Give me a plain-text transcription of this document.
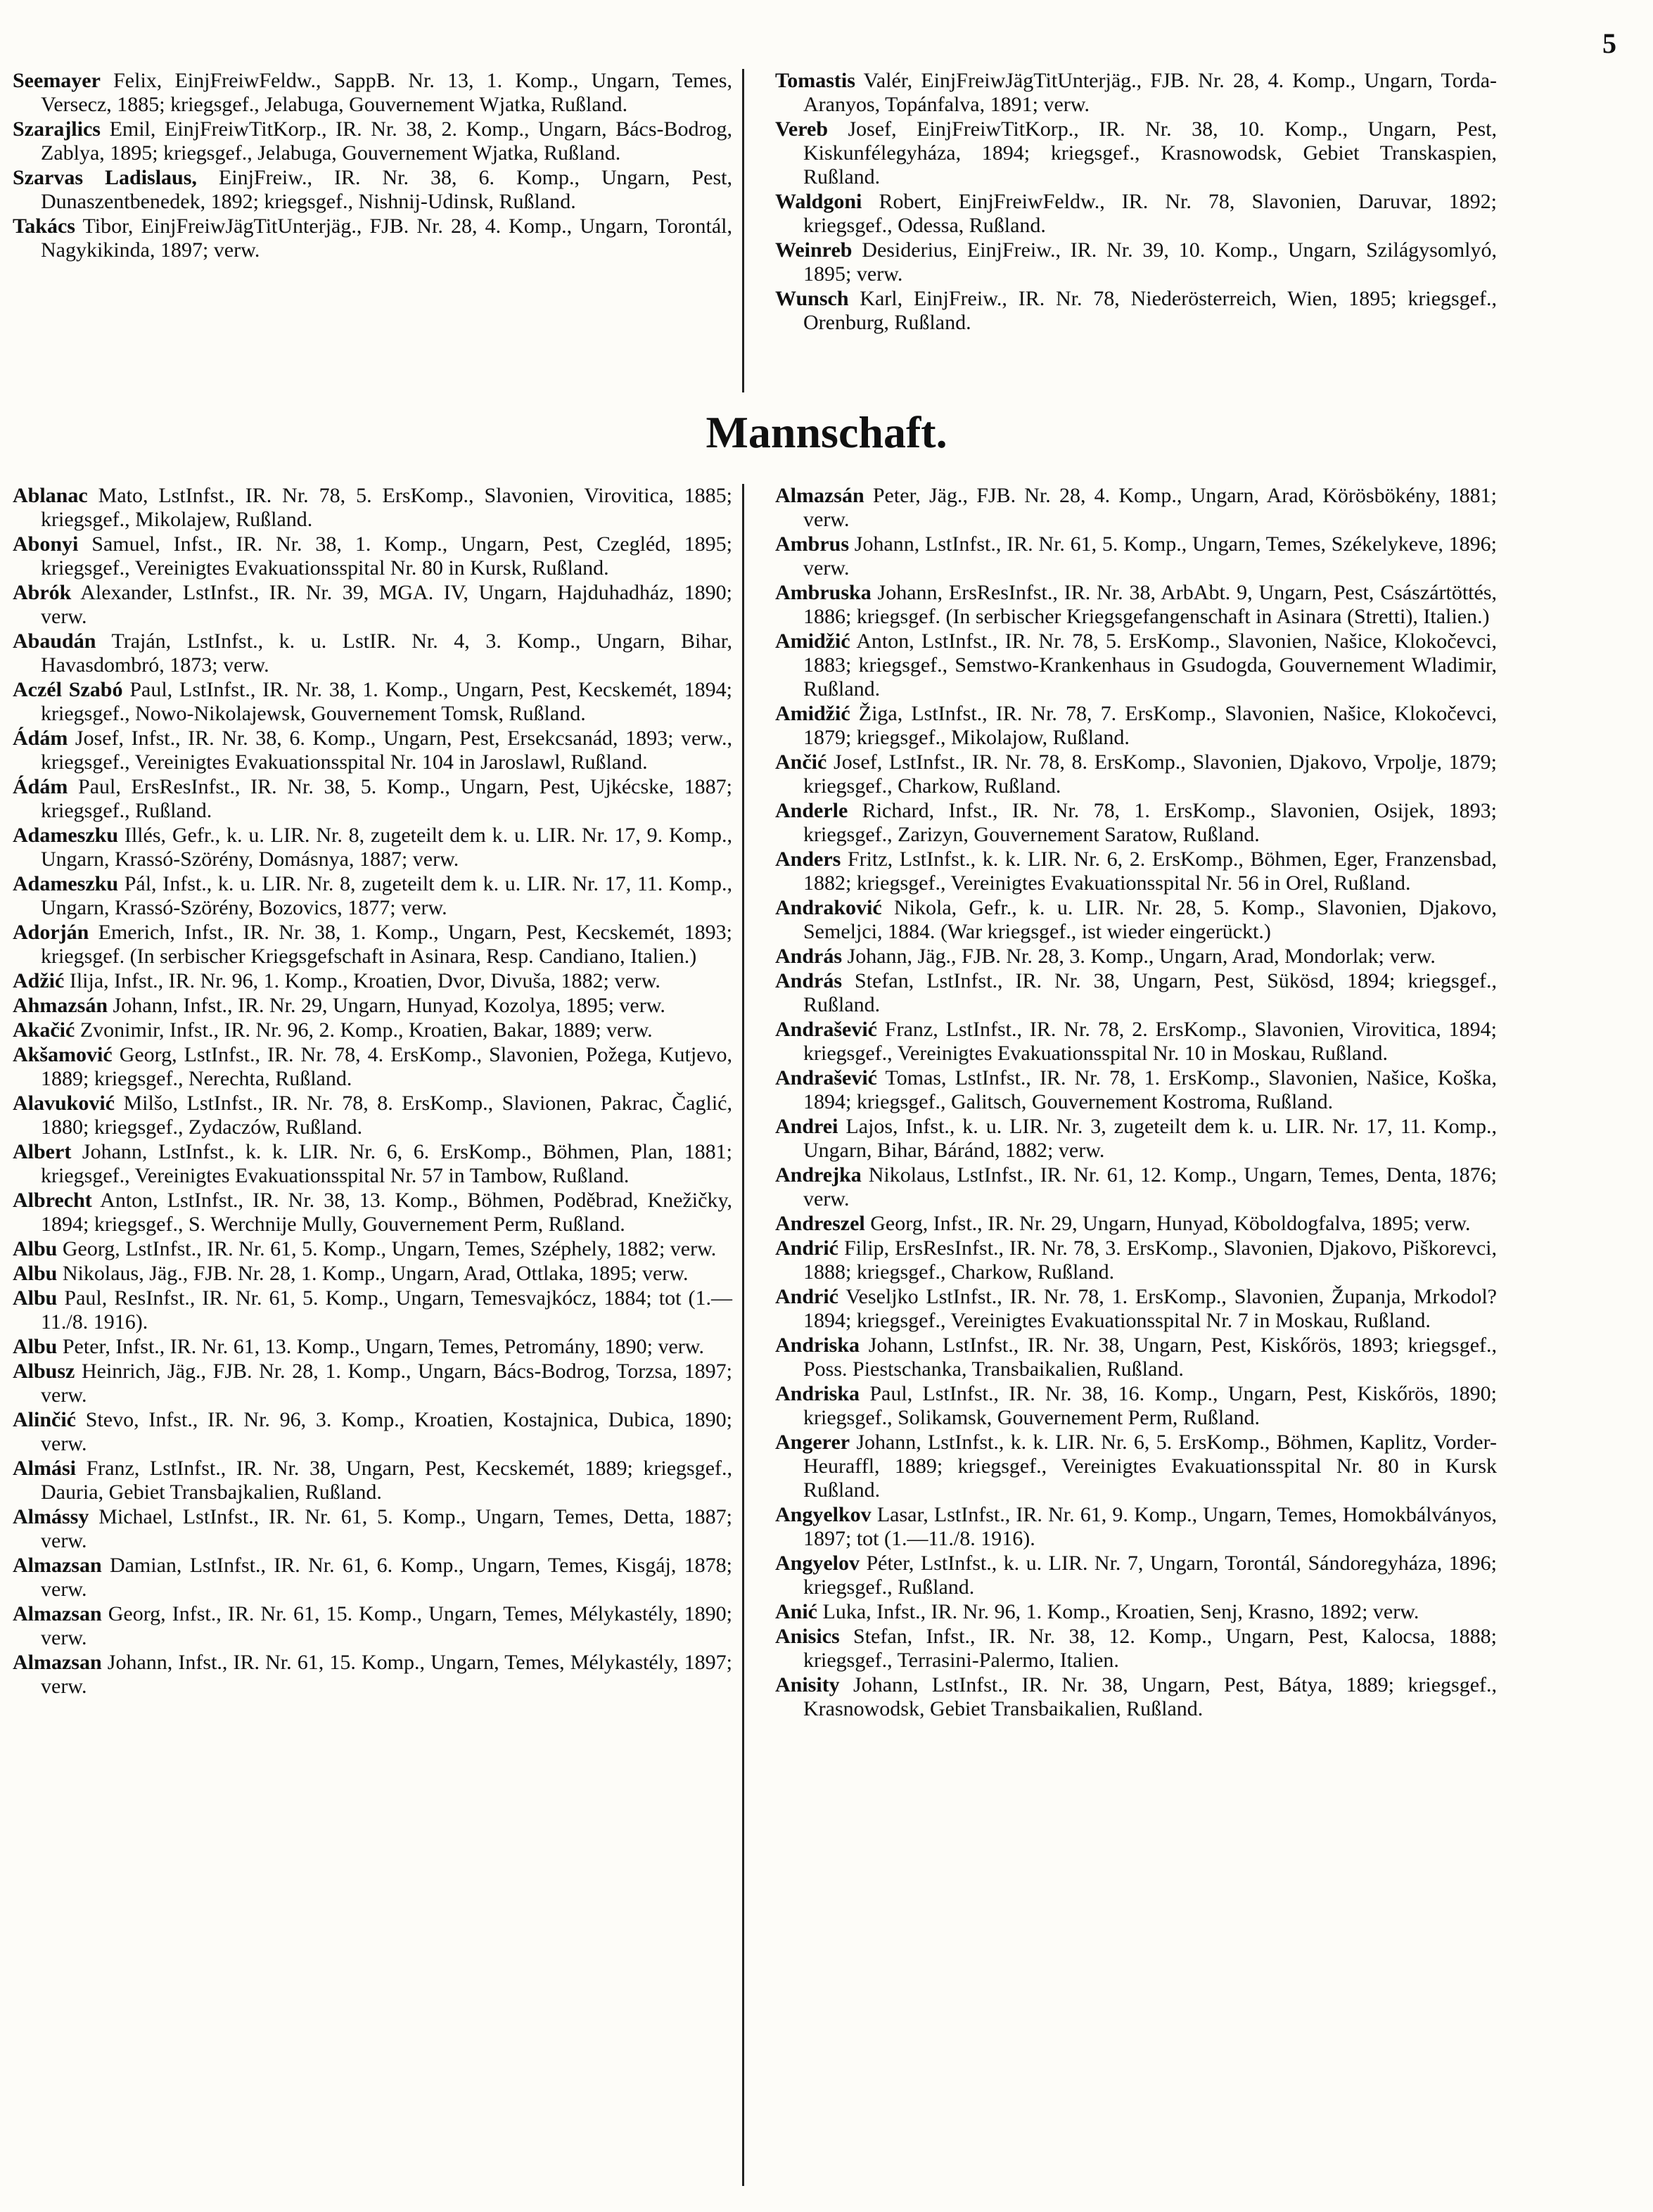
5
Seemayer Felix, EinjFreiwFeldw., SappB. Nr. 13, 1. Komp., Ungarn, Temes, Versecz, 1885; kriegsgef., Jelabuga, Gouvernement Wjatka, Rußland.
Szarajlics Emil, EinjFreiwTitKorp., IR. Nr. 38, 2. Komp., Ungarn, Bács-Bodrog, Zablya, 1895; kriegsgef., Jelabuga, Gouvernement Wjatka, Rußland.
Szarvas Ladislaus, EinjFreiw., IR. Nr. 38, 6. Komp., Ungarn, Pest, Dunaszentbenedek, 1892; kriegsgef., Nishnij-Udinsk, Rußland.
Takács Tibor, EinjFreiwJägTitUnterjäg., FJB. Nr. 28, 4. Komp., Ungarn, Torontál, Nagykikinda, 1897; verw.
Tomastis Valér, EinjFreiwJägTitUnterjäg., FJB. Nr. 28, 4. Komp., Ungarn, Torda-Aranyos, Topánfalva, 1891; verw.
Vereb Josef, EinjFreiwTitKorp., IR. Nr. 38, 10. Komp., Ungarn, Pest, Kiskunfélegyháza, 1894; kriegsgef., Krasnowodsk, Gebiet Transkaspien, Rußland.
Waldgoni Robert, EinjFreiwFeldw., IR. Nr. 78, Slavonien, Daruvar, 1892; kriegsgef., Odessa, Rußland.
Weinreb Desiderius, EinjFreiw., IR. Nr. 39, 10. Komp., Ungarn, Szilágysomlyó, 1895; verw.
Wunsch Karl, EinjFreiw., IR. Nr. 78, Niederösterreich, Wien, 1895; kriegsgef., Orenburg, Rußland.
Mannschaft.
Ablanac Mato, LstInfst., IR. Nr. 78, 5. ErsKomp., Slavonien, Virovitica, 1885; kriegsgef., Mikolajew, Rußland.
Abonyi Samuel, Infst., IR. Nr. 38, 1. Komp., Ungarn, Pest, Czegléd, 1895; kriegsgef., Vereinigtes Evakuationsspital Nr. 80 in Kursk, Rußland.
Abrók Alexander, LstInfst., IR. Nr. 39, MGA. IV, Ungarn, Hajduhadház, 1890; verw.
Abaudán Traján, LstInfst., k. u. LstIR. Nr. 4, 3. Komp., Ungarn, Bihar, Havasdombró, 1873; verw.
Aczél Szabó Paul, LstInfst., IR. Nr. 38, 1. Komp., Ungarn, Pest, Kecskemét, 1894; kriegsgef., Nowo-Nikolajewsk, Gouvernement Tomsk, Rußland.
Ádám Josef, Infst., IR. Nr. 38, 6. Komp., Ungarn, Pest, Ersekcsanád, 1893; verw., kriegsgef., Vereinigtes Evakuationsspital Nr. 104 in Jaroslawl, Rußland.
Ádám Paul, ErsResInfst., IR. Nr. 38, 5. Komp., Ungarn, Pest, Ujkécske, 1887; kriegsgef., Rußland.
Adameszku Illés, Gefr., k. u. LIR. Nr. 8, zugeteilt dem k. u. LIR. Nr. 17, 9. Komp., Ungarn, Krassó-Szörény, Domásnya, 1887; verw.
Adameszku Pál, Infst., k. u. LIR. Nr. 8, zugeteilt dem k. u. LIR. Nr. 17, 11. Komp., Ungarn, Krassó-Szörény, Bozovics, 1877; verw.
Adorján Emerich, Infst., IR. Nr. 38, 1. Komp., Ungarn, Pest, Kecskemét, 1893; kriegsgef. (In serbischer Kriegsgefschaft in Asinara, Resp. Candiano, Italien.)
Adžić Ilija, Infst., IR. Nr. 96, 1. Komp., Kroatien, Dvor, Divuša, 1882; verw.
Ahmazsán Johann, Infst., IR. Nr. 29, Ungarn, Hunyad, Kozolya, 1895; verw.
Akačić Zvonimir, Infst., IR. Nr. 96, 2. Komp., Kroatien, Bakar, 1889; verw.
Akšamović Georg, LstInfst., IR. Nr. 78, 4. ErsKomp., Slavonien, Požega, Kutjevo, 1889; kriegsgef., Nerechta, Rußland.
Alavuković Milšo, LstInfst., IR. Nr. 78, 8. ErsKomp., Slavionen, Pakrac, Čaglić, 1880; kriegsgef., Zydaczów, Rußland.
Albert Johann, LstInfst., k. k. LIR. Nr. 6, 6. ErsKomp., Böhmen, Plan, 1881; kriegsgef., Vereinigtes Evakuationsspital Nr. 57 in Tambow, Rußland.
Albrecht Anton, LstInfst., IR. Nr. 38, 13. Komp., Böhmen, Poděbrad, Knežičky, 1894; kriegsgef., S. Werchnije Mully, Gouvernement Perm, Rußland.
Albu Georg, LstInfst., IR. Nr. 61, 5. Komp., Ungarn, Temes, Széphely, 1882; verw.
Albu Nikolaus, Jäg., FJB. Nr. 28, 1. Komp., Ungarn, Arad, Ottlaka, 1895; verw.
Albu Paul, ResInfst., IR. Nr. 61, 5. Komp., Ungarn, Temesvajkócz, 1884; tot (1.—11./8. 1916).
Albu Peter, Infst., IR. Nr. 61, 13. Komp., Ungarn, Temes, Petromány, 1890; verw.
Albusz Heinrich, Jäg., FJB. Nr. 28, 1. Komp., Ungarn, Bács-Bodrog, Torzsa, 1897; verw.
Alinčić Stevo, Infst., IR. Nr. 96, 3. Komp., Kroatien, Kostajnica, Dubica, 1890; verw.
Almási Franz, LstInfst., IR. Nr. 38, Ungarn, Pest, Kecskemét, 1889; kriegsgef., Dauria, Gebiet Transbajkalien, Rußland.
Almássy Michael, LstInfst., IR. Nr. 61, 5. Komp., Ungarn, Temes, Detta, 1887; verw.
Almazsan Damian, LstInfst., IR. Nr. 61, 6. Komp., Ungarn, Temes, Kisgáj, 1878; verw.
Almazsan Georg, Infst., IR. Nr. 61, 15. Komp., Ungarn, Temes, Mélykastély, 1890; verw.
Almazsan Johann, Infst., IR. Nr. 61, 15. Komp., Ungarn, Temes, Mélykastély, 1897; verw.
Almazsán Peter, Jäg., FJB. Nr. 28, 4. Komp., Ungarn, Arad, Körösbökény, 1881; verw.
Ambrus Johann, LstInfst., IR. Nr. 61, 5. Komp., Ungarn, Temes, Székelykeve, 1896; verw.
Ambruska Johann, ErsResInfst., IR. Nr. 38, ArbAbt. 9, Ungarn, Pest, Császártöttés, 1886; kriegsgef. (In serbischer Kriegsgefangenschaft in Asinara (Stretti), Italien.)
Amidžić Anton, LstInfst., IR. Nr. 78, 5. ErsKomp., Slavonien, Našice, Klokočevci, 1883; kriegsgef., Semstwo-Krankenhaus in Gsudogda, Gouvernement Wladimir, Rußland.
Amidžić Žiga, LstInfst., IR. Nr. 78, 7. ErsKomp., Slavonien, Našice, Klokočevci, 1879; kriegsgef., Mikolajow, Rußland.
Ančić Josef, LstInfst., IR. Nr. 78, 8. ErsKomp., Slavonien, Djakovo, Vrpolje, 1879; kriegsgef., Charkow, Rußland.
Anderle Richard, Infst., IR. Nr. 78, 1. ErsKomp., Slavonien, Osijek, 1893; kriegsgef., Zarizyn, Gouvernement Saratow, Rußland.
Anders Fritz, LstInfst., k. k. LIR. Nr. 6, 2. ErsKomp., Böhmen, Eger, Franzensbad, 1882; kriegsgef., Vereinigtes Evakuationsspital Nr. 56 in Orel, Rußland.
Andraković Nikola, Gefr., k. u. LIR. Nr. 28, 5. Komp., Slavonien, Djakovo, Semeljci, 1884. (War kriegsgef., ist wieder eingerückt.)
András Johann, Jäg., FJB. Nr. 28, 3. Komp., Ungarn, Arad, Mondorlak; verw.
András Stefan, LstInfst., IR. Nr. 38, Ungarn, Pest, Sükösd, 1894; kriegsgef., Rußland.
Andrašević Franz, LstInfst., IR. Nr. 78, 2. ErsKomp., Slavonien, Virovitica, 1894; kriegsgef., Vereinigtes Evakuationsspital Nr. 10 in Moskau, Rußland.
Andrašević Tomas, LstInfst., IR. Nr. 78, 1. ErsKomp., Slavonien, Našice, Koška, 1894; kriegsgef., Galitsch, Gouvernement Kostroma, Rußland.
Andrei Lajos, Infst., k. u. LIR. Nr. 3, zugeteilt dem k. u. LIR. Nr. 17, 11. Komp., Ungarn, Bihar, Báránd, 1882; verw.
Andrejka Nikolaus, LstInfst., IR. Nr. 61, 12. Komp., Ungarn, Temes, Denta, 1876; verw.
Andreszel Georg, Infst., IR. Nr. 29, Ungarn, Hunyad, Köboldogfalva, 1895; verw.
Andrić Filip, ErsResInfst., IR. Nr. 78, 3. ErsKomp., Slavonien, Djakovo, Piškorevci, 1888; kriegsgef., Charkow, Rußland.
Andrić Veseljko LstInfst., IR. Nr. 78, 1. ErsKomp., Slavonien, Županja, Mrkodol? 1894; kriegsgef., Vereinigtes Evakuationsspital Nr. 7 in Moskau, Rußland.
Andriska Johann, LstInfst., IR. Nr. 38, Ungarn, Pest, Kiskőrös, 1893; kriegsgef., Poss. Piestschanka, Transbaikalien, Rußland.
Andriska Paul, LstInfst., IR. Nr. 38, 16. Komp., Ungarn, Pest, Kiskőrös, 1890; kriegsgef., Solikamsk, Gouvernement Perm, Rußland.
Angerer Johann, LstInfst., k. k. LIR. Nr. 6, 5. ErsKomp., Böhmen, Kaplitz, Vorder-Heuraffl, 1889; kriegsgef., Vereinigtes Evakuationsspital Nr. 80 in Kursk Rußland.
Angyelkov Lasar, LstInfst., IR. Nr. 61, 9. Komp., Ungarn, Temes, Homokbálványos, 1897; tot (1.—11./8. 1916).
Angyelov Péter, LstInfst., k. u. LIR. Nr. 7, Ungarn, Torontál, Sándoregyháza, 1896; kriegsgef., Rußland.
Anić Luka, Infst., IR. Nr. 96, 1. Komp., Kroatien, Senj, Krasno, 1892; verw.
Anisics Stefan, Infst., IR. Nr. 38, 12. Komp., Ungarn, Pest, Kalocsa, 1888; kriegsgef., Terrasini-Palermo, Italien.
Anisity Johann, LstInfst., IR. Nr. 38, Ungarn, Pest, Bátya, 1889; kriegsgef., Krasnowodsk, Gebiet Transbaikalien, Rußland.
